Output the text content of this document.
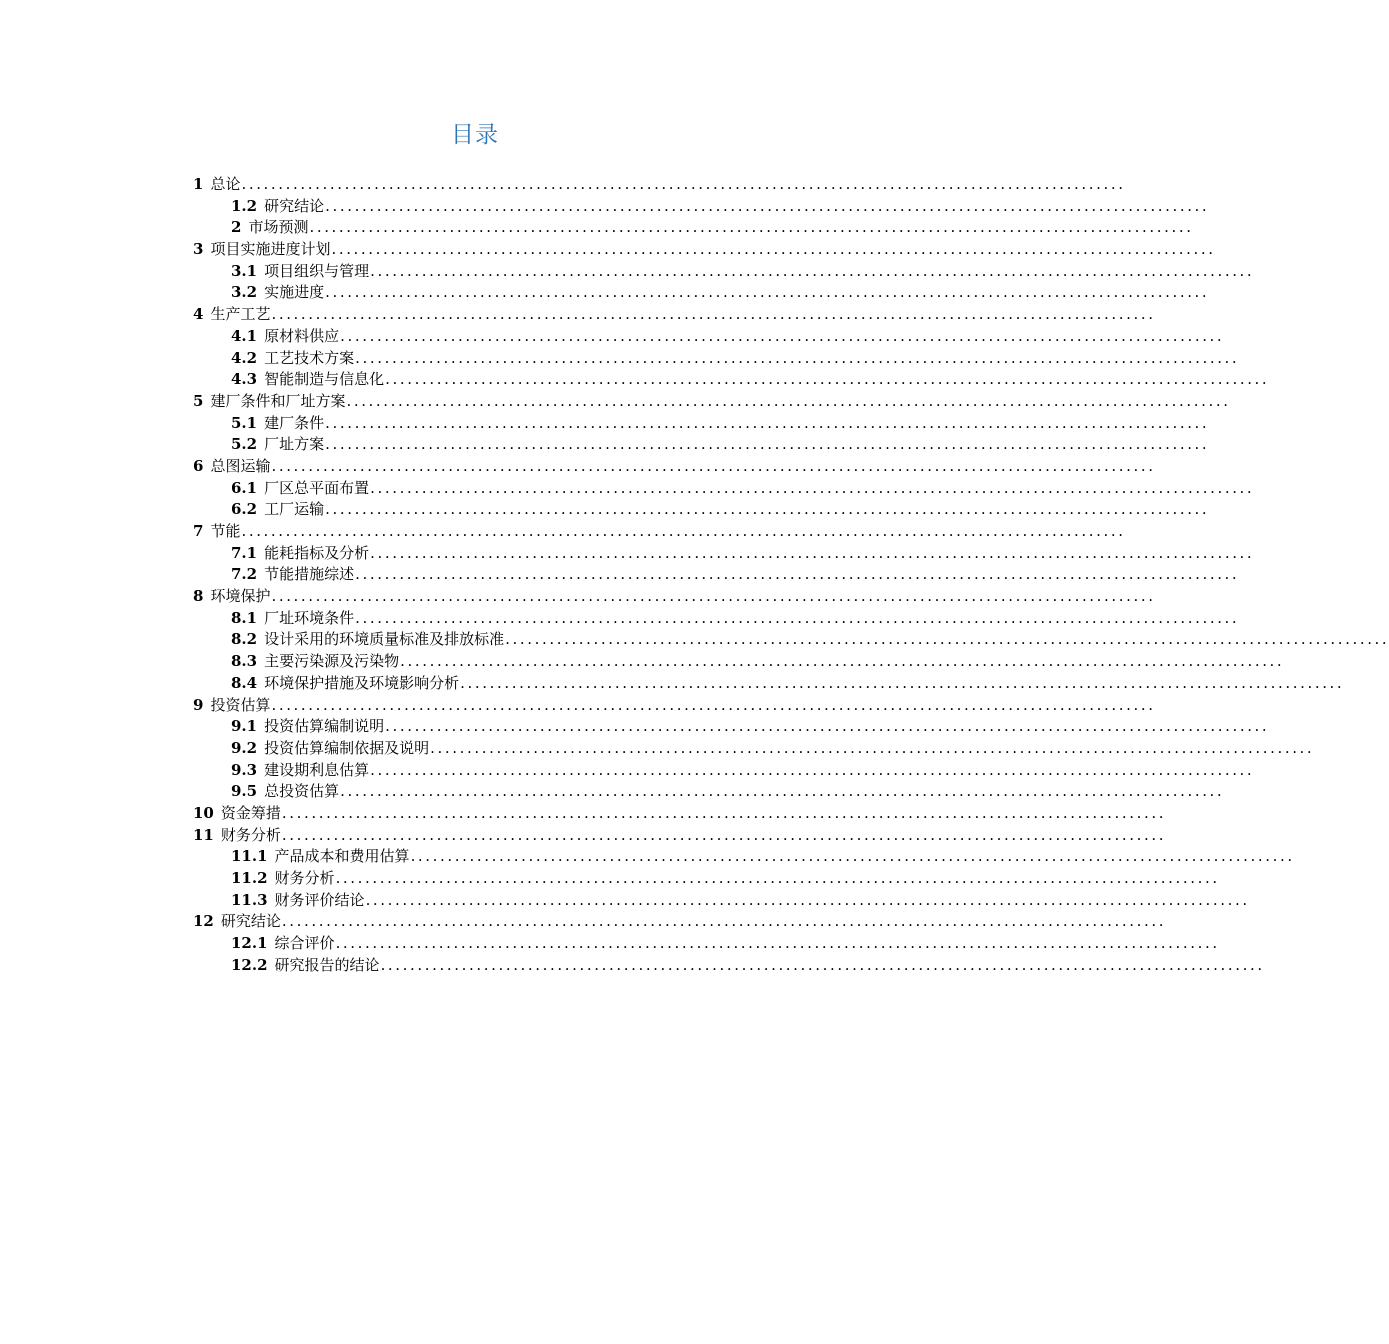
目录
1 总论........................................................................................................................
1.2 研究结论........................................................................................................................
2 市场预测........................................................................................................................
3 项目实施进度计划........................................................................................................................
3.1 项目组织与管理........................................................................................................................
3.2 实施进度........................................................................................................................
4 生产工艺........................................................................................................................
4.1 原材料供应........................................................................................................................
4.2 工艺技术方案........................................................................................................................
4.3 智能制造与信息化........................................................................................................................
5 建厂条件和厂址方案........................................................................................................................
5.1 建厂条件........................................................................................................................
5.2 厂址方案........................................................................................................................
6 总图运输........................................................................................................................
6.1 厂区总平面布置........................................................................................................................
6.2 工厂运输........................................................................................................................
7 节能........................................................................................................................
7.1 能耗指标及分析........................................................................................................................
7.2 节能措施综述........................................................................................................................
8 环境保护........................................................................................................................
8.1 厂址环境条件........................................................................................................................
8.2 设计采用的环境质量标准及排放标准........................................................................................................................
8.3 主要污染源及污染物........................................................................................................................
8.4 环境保护措施及环境影响分析........................................................................................................................
9 投资估算........................................................................................................................
9.1 投资估算编制说明........................................................................................................................
9.2 投资估算编制依据及说明........................................................................................................................
9.3 建设期利息估算........................................................................................................................
9.5 总投资估算........................................................................................................................
10 资金筹措........................................................................................................................
11 财务分析........................................................................................................................
11.1 产品成本和费用估算........................................................................................................................
11.2 财务分析........................................................................................................................
11.3 财务评价结论........................................................................................................................
12 研究结论........................................................................................................................
12.1 综合评价........................................................................................................................
12.2 研究报告的结论........................................................................................................................
